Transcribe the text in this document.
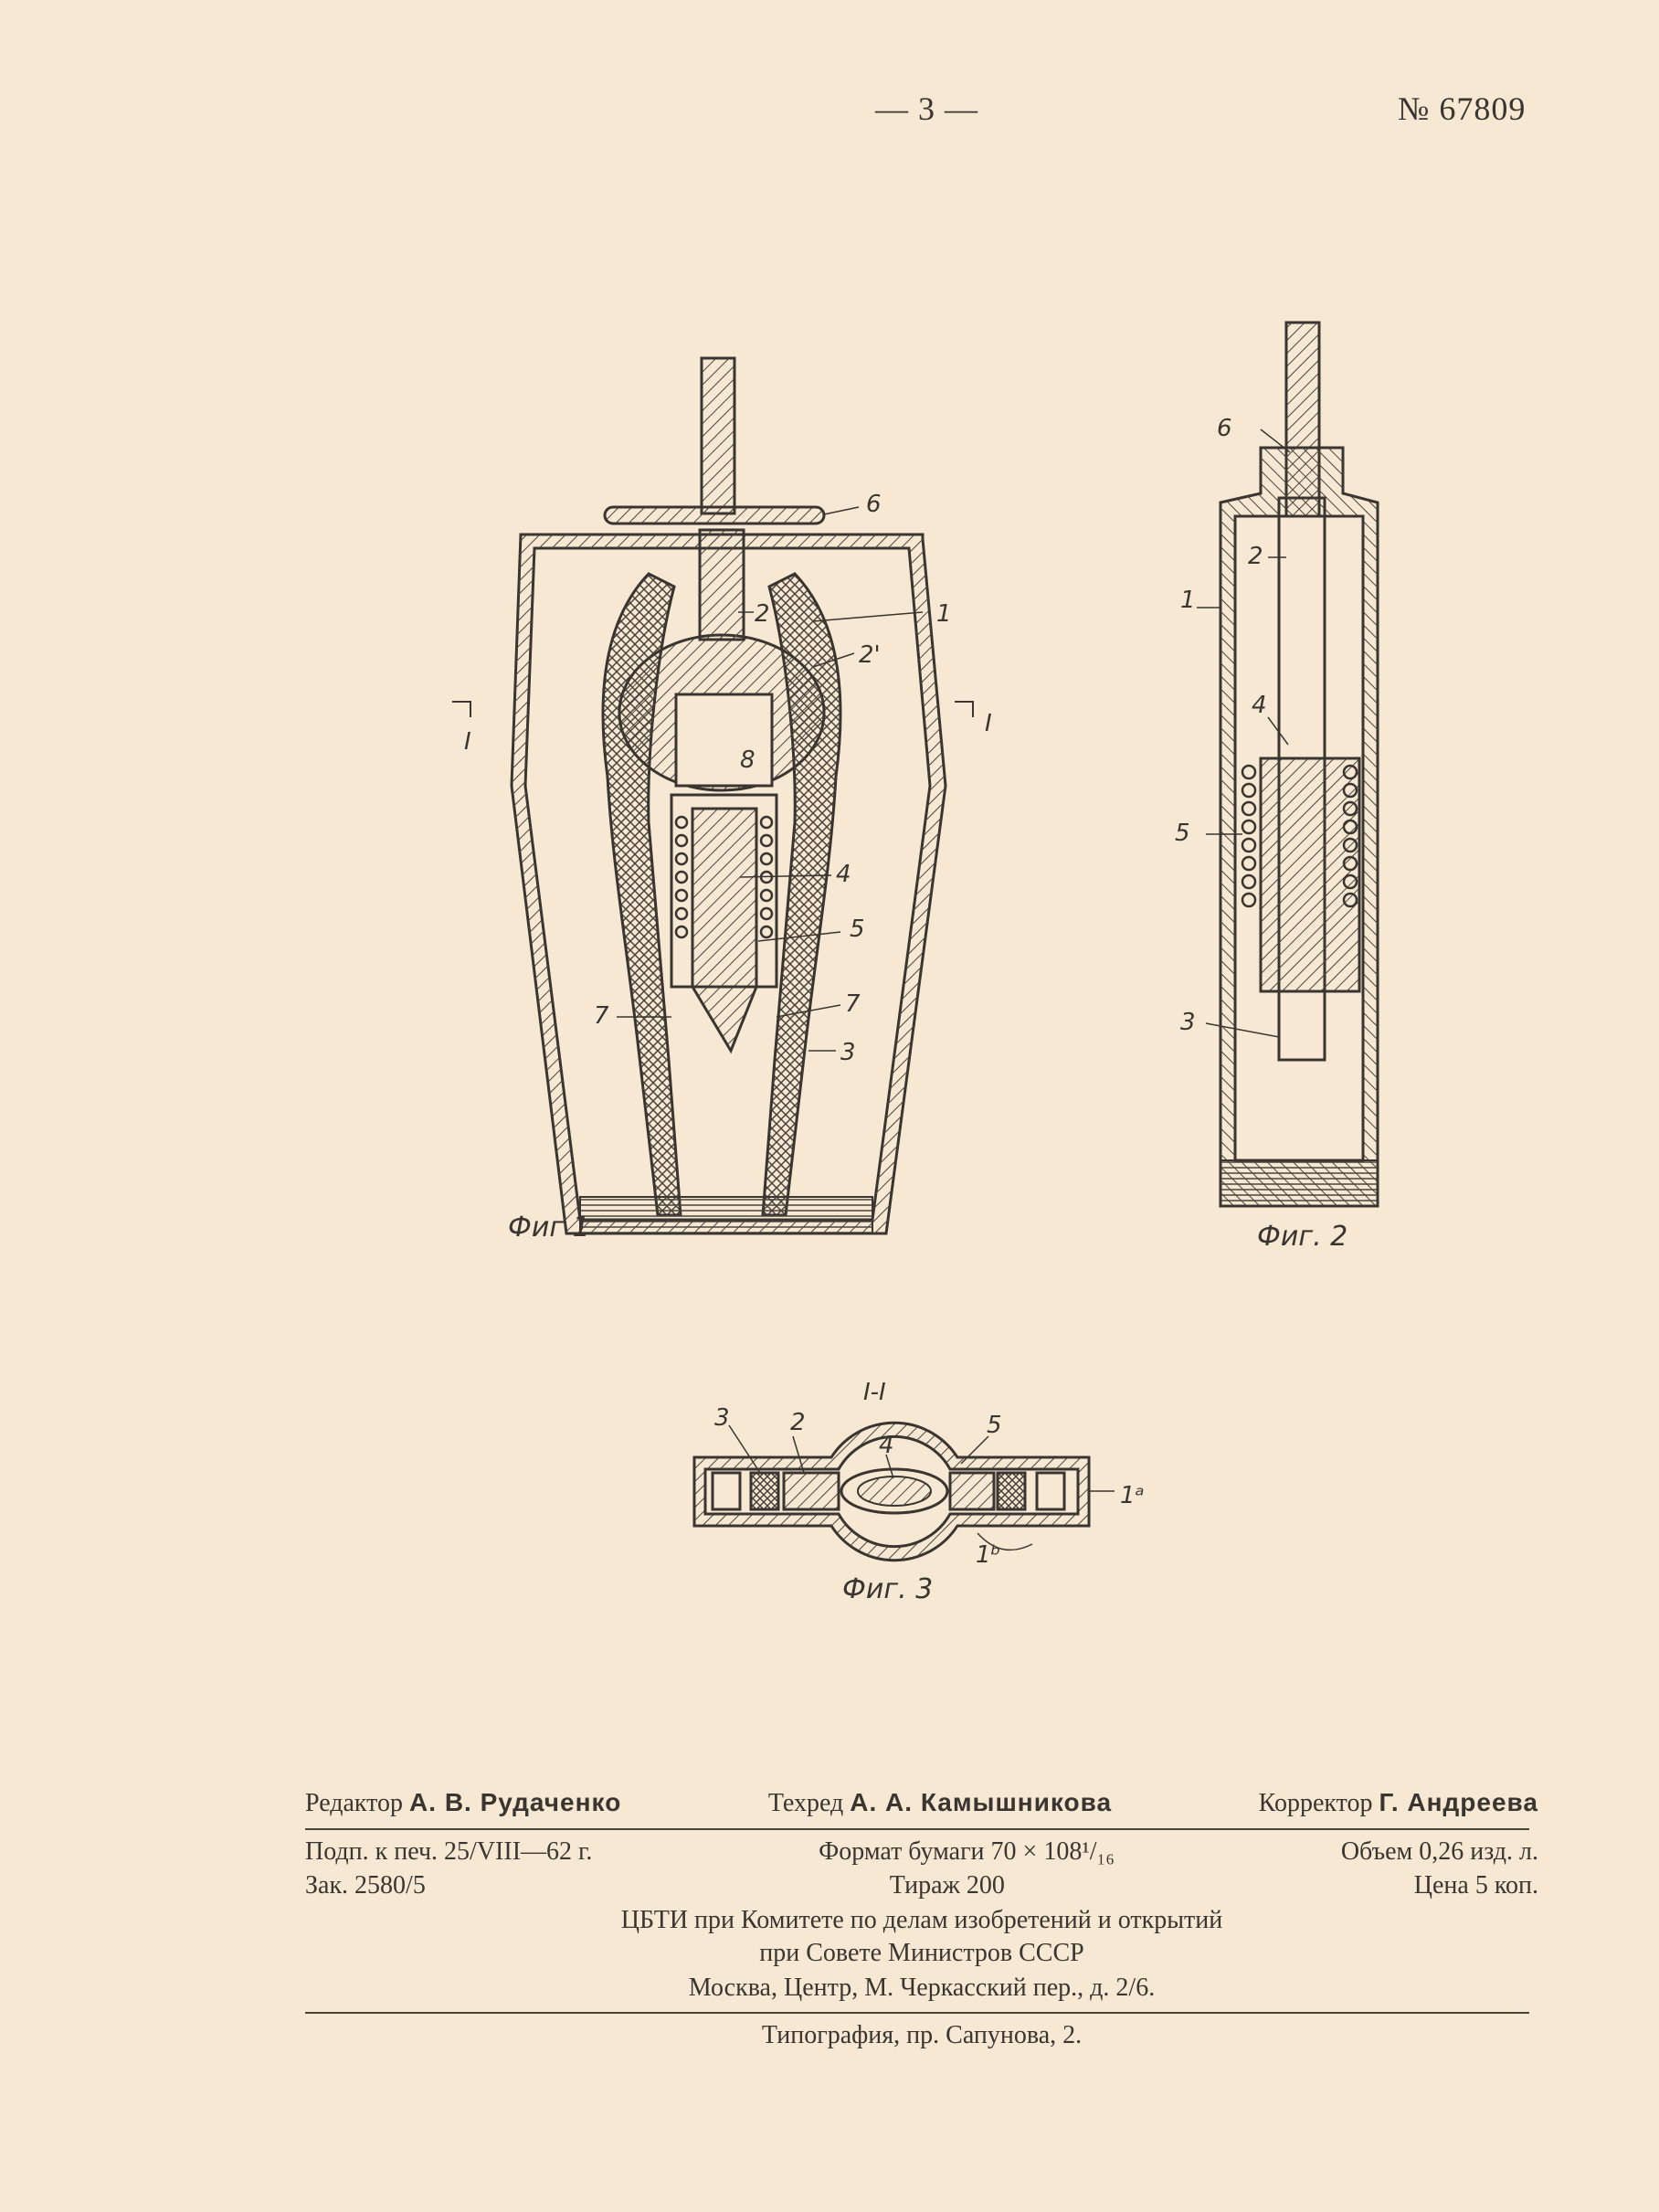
— 3 —	№ 67809
6
2	1
2'
8
4
5
7	7
3
I
I
Фиг 1
6
2
1
4
5
3
Фиг. 2
I-I
3	2
4
5
1ᵃ
1ᵇ
Фиг. 3
Редактор А. В. Рудаченко	Техред А. А. Камышникова	Корректор Г. Андреева
Подп. к печ. 25/VIII—62 г.	Формат бумаги 70 × 108¹/₁₆	Объем 0,26 изд. л.
Зак. 2580/5	Тираж 200	Цена 5 коп.
ЦБТИ при Комитете по делам изобретений и открытий
при Совете Министров СССР
Москва, Центр, М. Черкасский пер., д. 2/6.
Типография, пр. Сапунова, 2.
